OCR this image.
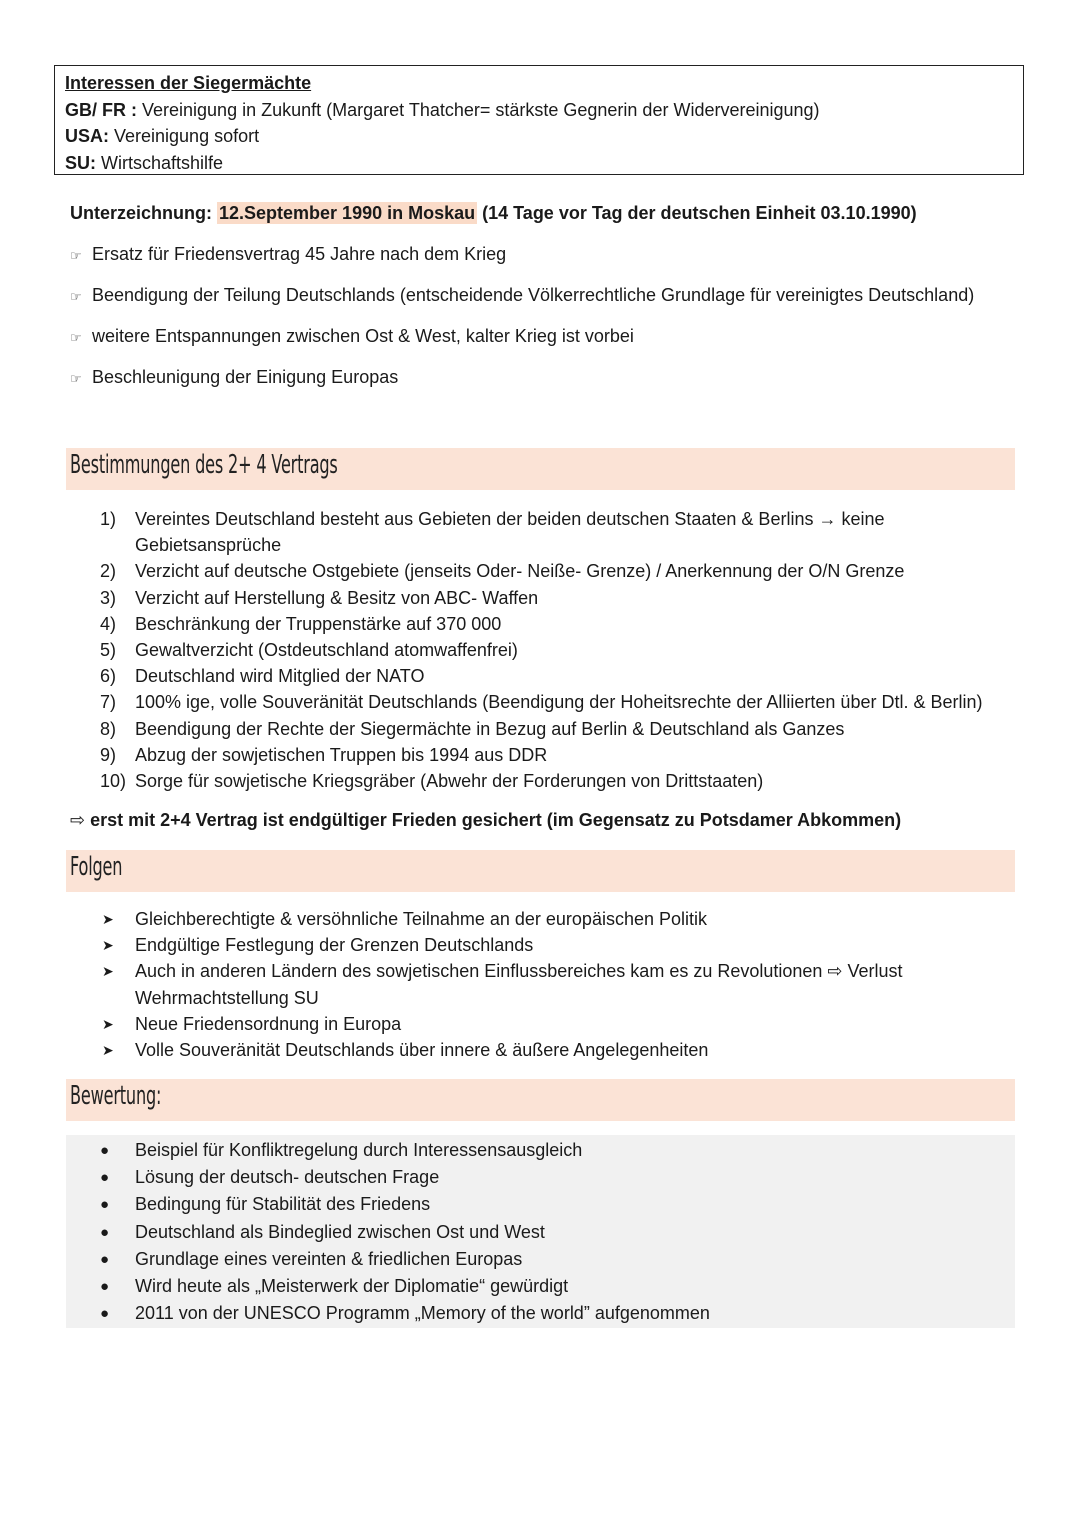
Interessen der Siegermächte
GB/ FR : Vereinigung in Zukunft (Margaret Thatcher= stärkste Gegnerin der Widervereinigung)
USA: Vereinigung sofort
SU: Wirtschaftshilfe
Unterzeichnung: 12.September 1990 in Moskau (14 Tage vor Tag der deutschen Einheit 03.10.1990)
☞ Ersatz für Friedensvertrag 45 Jahre nach dem Krieg
☞ Beendigung der Teilung Deutschlands (entscheidende Völkerrechtliche Grundlage für vereinigtes Deutschland)
☞ weitere Entspannungen zwischen Ost & West, kalter Krieg ist vorbei
☞ Beschleunigung der Einigung Europas
Bestimmungen des 2+ 4 Vertrags
1)	Vereintes Deutschland besteht aus Gebieten der beiden deutschen Staaten & Berlins → keine Gebietsansprüche
2)	Verzicht auf deutsche Ostgebiete (jenseits Oder- Neiße- Grenze) / Anerkennung der O/N Grenze
3)	Verzicht auf Herstellung & Besitz von ABC- Waffen
4)	Beschränkung der Truppenstärke auf 370 000
5)	Gewaltverzicht (Ostdeutschland atomwaffenfrei)
6)	Deutschland wird Mitglied der NATO
7)	100% ige, volle Souveränität Deutschlands (Beendigung der Hoheitsrechte der Alliierten über Dtl. & Berlin)
8)	Beendigung der Rechte der Siegermächte in Bezug auf Berlin & Deutschland als Ganzes
9)	Abzug der sowjetischen Truppen bis 1994 aus DDR
10) Sorge für sowjetische Kriegsgräber (Abwehr der Forderungen von Drittstaaten)
⇨ erst mit 2+4 Vertrag ist endgültiger Frieden gesichert (im Gegensatz zu Potsdamer Abkommen)
Folgen
➤	Gleichberechtigte & versöhnliche Teilnahme an der europäischen Politik
➤	Endgültige Festlegung der Grenzen Deutschlands
➤	Auch in anderen Ländern des sowjetischen Einflussbereiches kam es zu Revolutionen ⇨ Verlust Wehrmachtstellung SU
➤	Neue Friedensordnung in Europa
➤	Volle Souveränität Deutschlands über innere & äußere Angelegenheiten
Bewertung:
●	Beispiel für Konfliktregelung durch Interessensausgleich
●	Lösung der deutsch- deutschen Frage
●	Bedingung für Stabilität des Friedens
●	Deutschland als Bindeglied zwischen Ost und West
●	Grundlage eines vereinten & friedlichen Europas
●	Wird heute als „Meisterwerk der Diplomatie“ gewürdigt
●	2011 von der UNESCO Programm „Memory of the world” aufgenommen
